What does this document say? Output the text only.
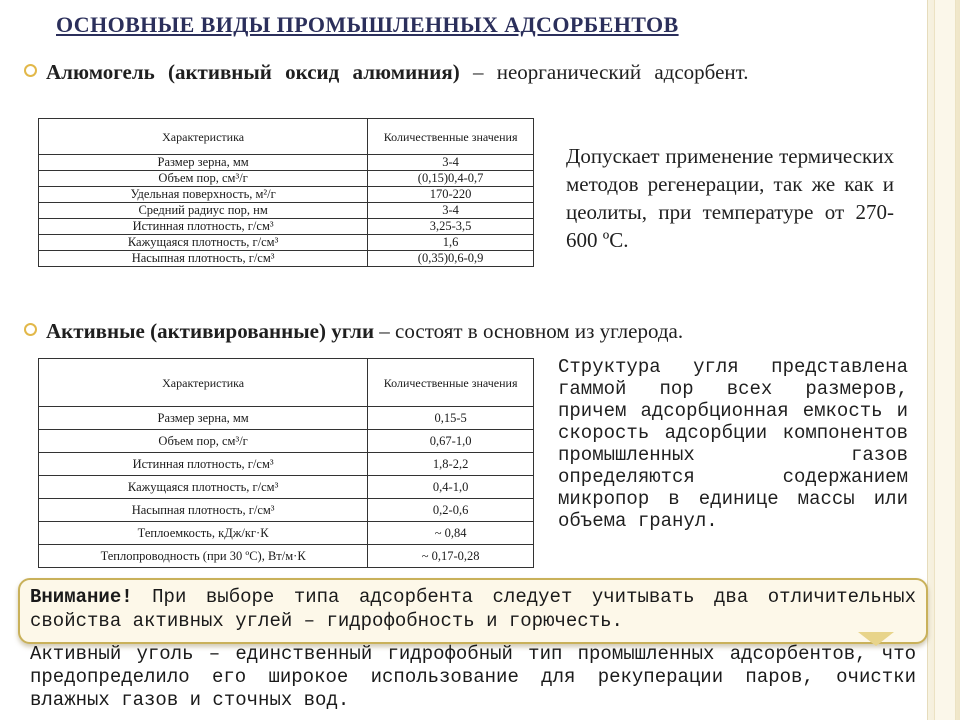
ОСНОВНЫЕ ВИДЫ ПРОМЫШЛЕННЫХ АДСОРБЕНТОВ
Алюмогель (активный оксид алюминия) – неорганический адсорбент.
Характеристика	Количественные значения
Размер зерна, мм	3-4
Объем пор, см³/г	(0,15)0,4-0,7
Удельная поверхность, м²/г	170-220
Средний радиус пор, нм	3-4
Истинная плотность, г/см³	3,25-3,5
Кажущаяся плотность, г/см³	1,6
Насыпная плотность, г/см³	(0,35)0,6-0,9
Допускает применение термических методов регенерации, так же как и цеолиты, при температуре от 270-600 ºС.
Активные (активированные) угли – состоят в основном из углерода.
Характеристика	Количественные значения
Размер зерна, мм	0,15-5
Объем пор, см³/г	0,67-1,0
Истинная плотность, г/см³	1,8-2,2
Кажущаяся плотность, г/см³	0,4-1,0
Насыпная плотность, г/см³	0,2-0,6
Теплоемкость, кДж/кг·К	~ 0,84
Теплопроводность (при 30 ºС), Вт/м·К	~ 0,17-0,28
Структура угля представлена гаммой пор всех размеров, причем адсорбционная емкость и скорость адсорбции компонентов промышленных газов определяются содержанием микропор в единице массы или объема гранул.
Внимание! При выборе типа адсорбента следует учитывать два отличительных свойства активных углей – гидрофобность и горючесть.
Активный уголь – единственный гидрофобный тип промышленных адсорбентов, что предопределило его широкое использование для рекуперации паров, очистки влажных газов и сточных вод.
